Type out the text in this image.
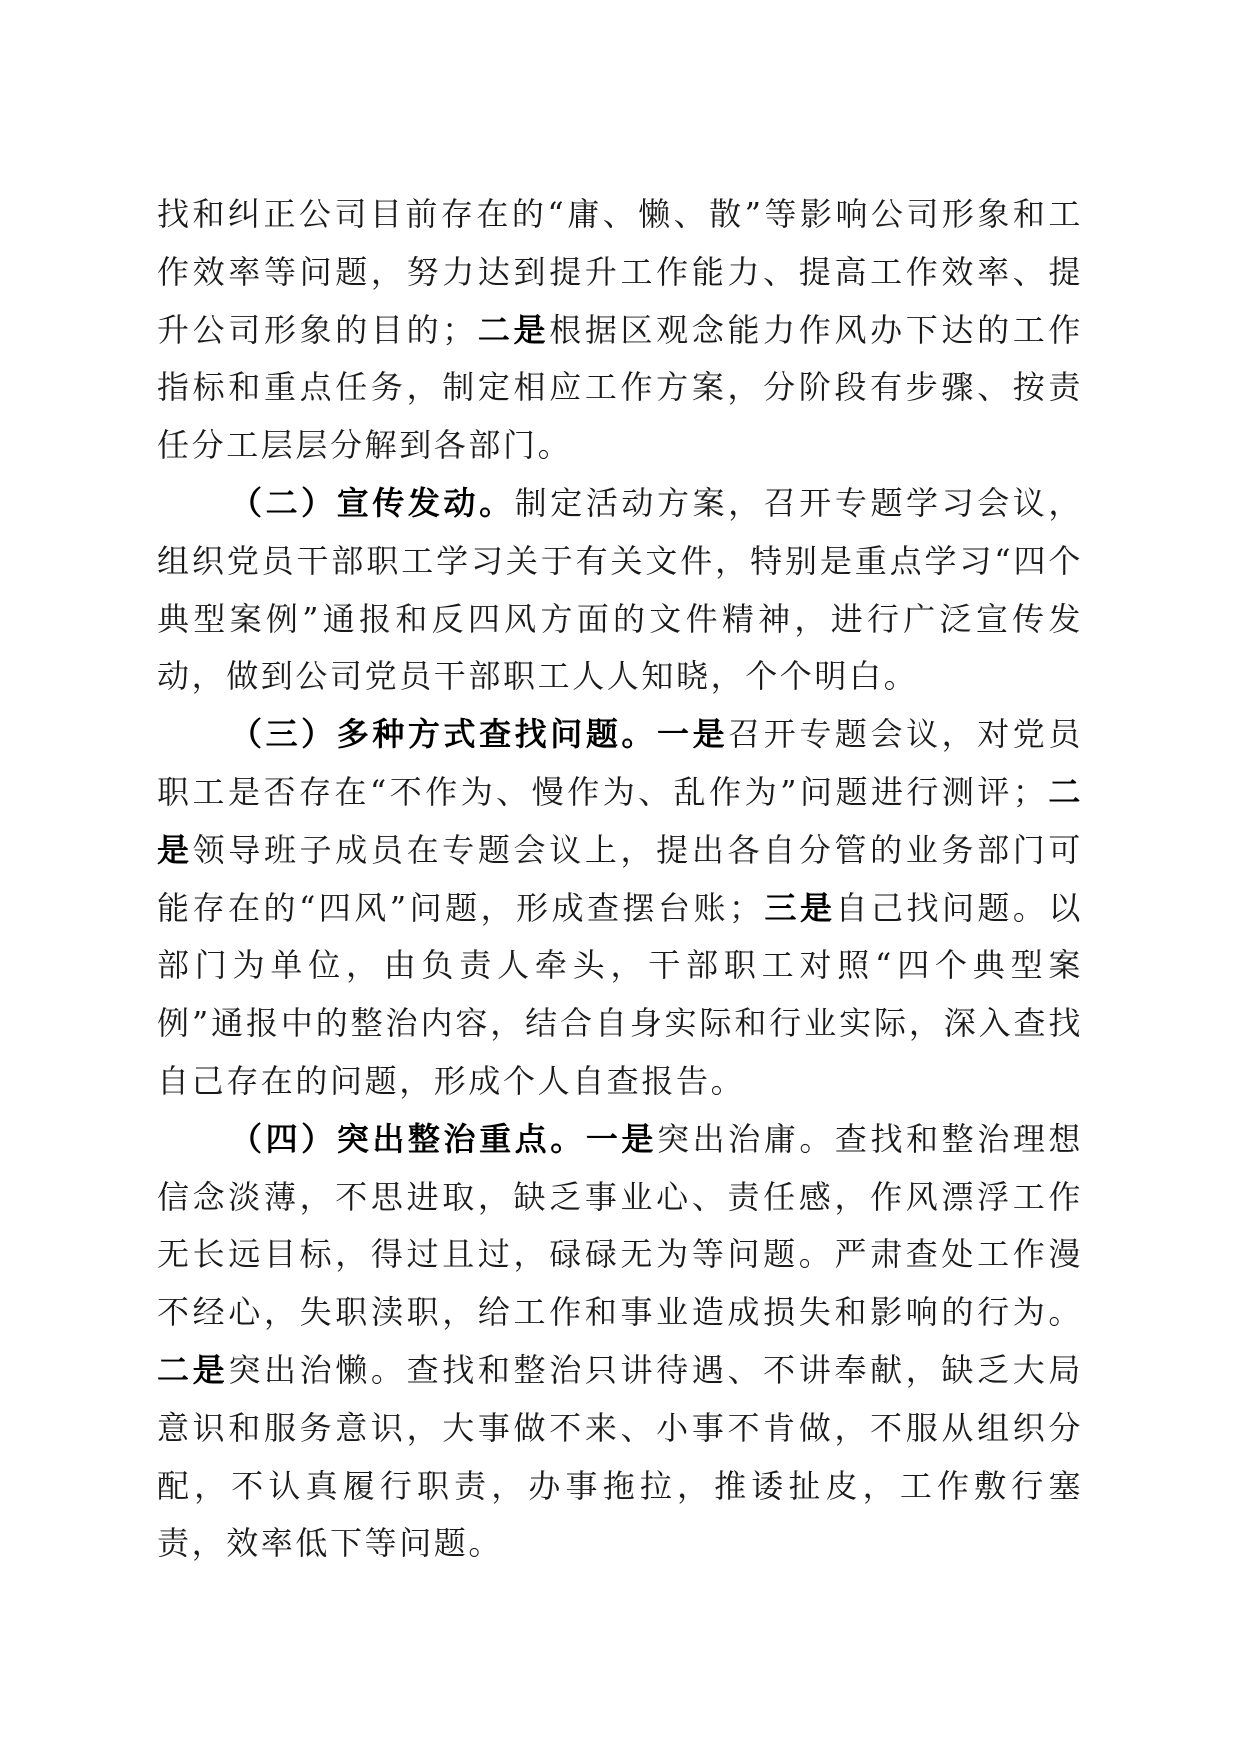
找和纠正公司目前存在的“庸、懒、散”等影响公司形象和工作效率等问题，努力达到提升工作能力、提高工作效率、提升公司形象的目的；二是根据区观念能力作风办下达的工作指标和重点任务，制定相应工作方案，分阶段有步骤、按责任分工层层分解到各部门。

（二）宣传发动。制定活动方案，召开专题学习会议，组织党员干部职工学习关于有关文件，特别是重点学习“四个典型案例”通报和反四风方面的文件精神，进行广泛宣传发动，做到公司党员干部职工人人知晓，个个明白。

（三）多种方式查找问题。一是召开专题会议，对党员职工是否存在“不作为、慢作为、乱作为”问题进行测评；二是领导班子成员在专题会议上，提出各自分管的业务部门可能存在的“四风”问题，形成查摆台账；三是自己找问题。以部门为单位，由负责人牵头，干部职工对照“四个典型案例”通报中的整治内容，结合自身实际和行业实际，深入查找自己存在的问题，形成个人自查报告。

（四）突出整治重点。一是突出治庸。查找和整治理想信念淡薄，不思进取，缺乏事业心、责任感，作风漂浮工作无长远目标，得过且过，碌碌无为等问题。严肃查处工作漫不经心，失职渎职，给工作和事业造成损失和影响的行为。二是突出治懒。查找和整治只讲待遇、不讲奉献，缺乏大局意识和服务意识，大事做不来、小事不肯做，不服从组织分配，不认真履行职责，办事拖拉，推诿扯皮，工作敷行塞责，效率低下等问题。
